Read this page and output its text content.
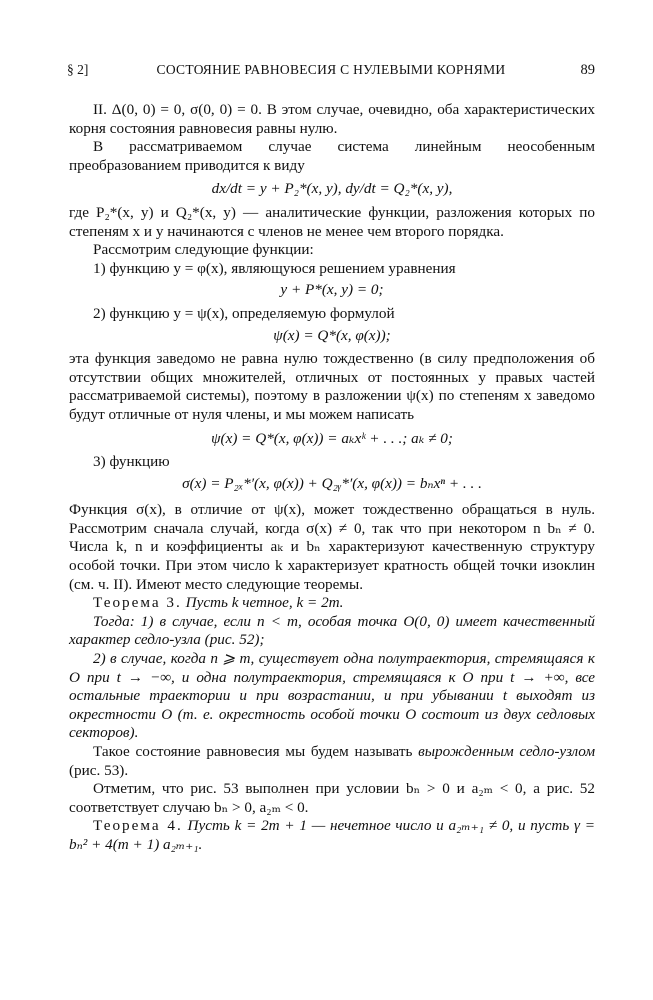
§ 2]	СОСТОЯНИЕ РАВНОВЕСИЯ С НУЛЕВЫМИ КОРНЯМИ	89

II. Δ(0, 0) = 0, σ(0, 0) = 0. В этом случае, очевидно, оба характеристических корня состояния равновесия равны нулю.

В рассматриваемом случае система линейным неособенным преобразованием приводится к виду

dx/dt = y + P₂*(x, y), dy/dt = Q₂*(x, y),

где P₂*(x, y) и Q₂*(x, y) — аналитические функции, разложения которых по степеням x и y начинаются с членов не менее чем второго порядка.

Рассмотрим следующие функции:

1) функцию y = φ(x), являющуюся решением уравнения

y + P*(x, y) = 0;

2) функцию y = ψ(x), определяемую формулой

ψ(x) = Q*(x, φ(x));

эта функция заведомо не равна нулю тождественно (в силу предположения об отсутствии общих множителей, отличных от постоянных у правых частей рассматриваемой системы), поэтому в разложении ψ(x) по степеням x заведомо будут отличные от нуля члены, и мы можем написать

ψ(x) = Q*(x, φ(x)) = aₖxᵏ + . . .; aₖ ≠ 0;

3) функцию

σ(x) = P₂ₓ*′(x, φ(x)) + Q₂ᵧ*′(x, φ(x)) = bₙxⁿ + . . .

Функция σ(x), в отличие от ψ(x), может тождественно обращаться в нуль. Рассмотрим сначала случай, когда σ(x) ≠ 0, так что при некотором n bₙ ≠ 0. Числа k, n и коэффициенты aₖ и bₙ характеризуют качественную структуру особой точки. При этом число k характеризует кратность общей точки изоклин (см. ч. II). Имеют место следующие теоремы.

Теорема 3. Пусть k четное, k = 2m.

Тогда: 1) в случае, если n < m, особая точка O(0, 0) имеет качественный характер седло-узла (рис. 52);

2) в случае, когда n ⩾ m, существует одна полутраектория, стремящаяся к O при t → −∞, и одна полутраектория, стремящаяся к O при t → +∞, все остальные траектории и при возрастании, и при убывании t выходят из окрестности O (т. е. окрестность особой точки O состоит из двух седловых секторов).

Такое состояние равновесия мы будем называть вырожденным седло-узлом (рис. 53).

Отметим, что рис. 53 выполнен при условии bₙ > 0 и a₂ₘ < 0, а рис. 52 соответствует случаю bₙ > 0, a₂ₘ < 0.

Теорема 4. Пусть k = 2m + 1 — нечетное число и a₂ₘ₊₁ ≠ 0, и пусть γ = bₙ² + 4(m + 1) a₂ₘ₊₁.
